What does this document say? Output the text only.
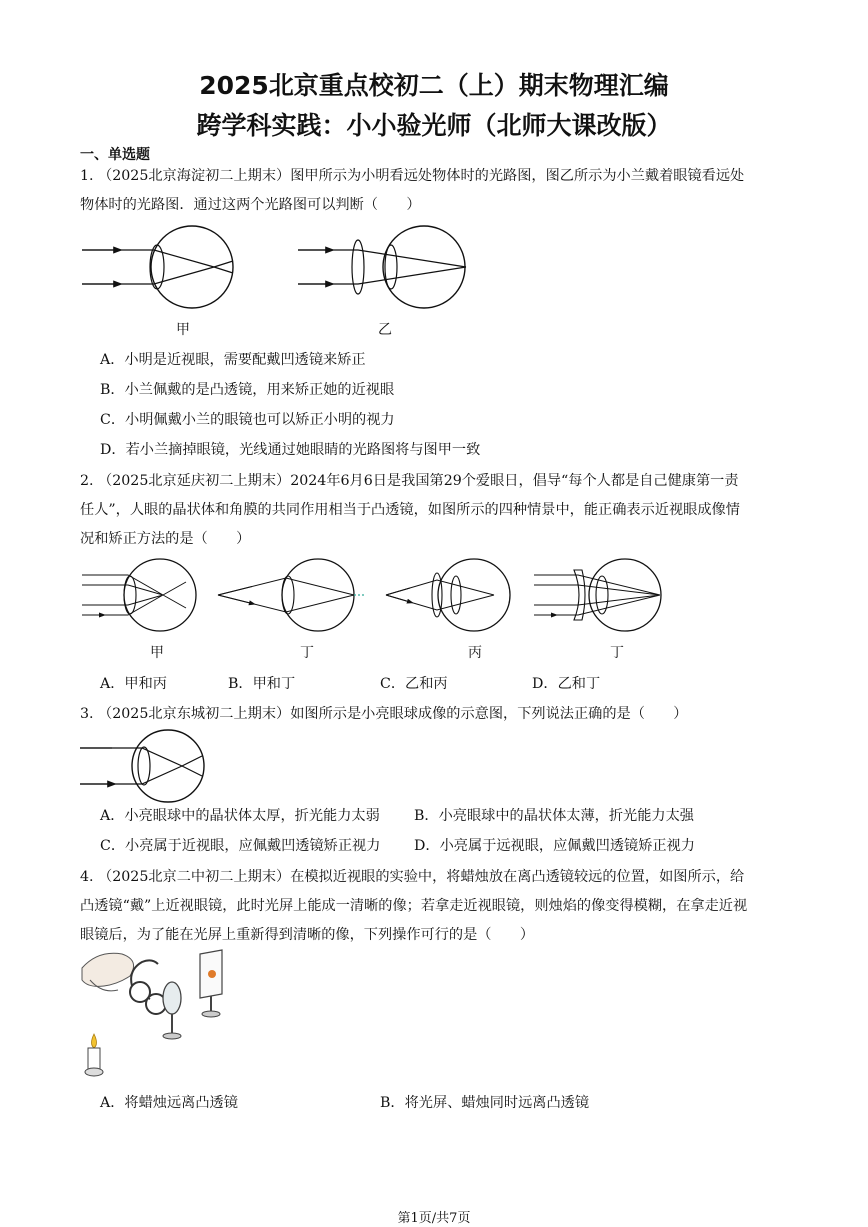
2025北京重点校初二（上）期末物理汇编
跨学科实践：小小验光师（北师大课改版）
一、单选题
1. （2025北京海淀初二上期末）图甲所示为小明看远处物体时的光路图，图乙所示为小兰戴着眼镜看远处
物体时的光路图．通过这两个光路图可以判断（　　）
甲	乙
A．小明是近视眼，需要配戴凹透镜来矫正
B．小兰佩戴的是凸透镜，用来矫正她的近视眼
C．小明佩戴小兰的眼镜也可以矫正小明的视力
D．若小兰摘掉眼镜，光线通过她眼睛的光路图将与图甲一致
2. （2025北京延庆初二上期末）2024年6月6日是我国第29个爱眼日，倡导“每个人都是自己健康第一责
任人”，人眼的晶状体和角膜的共同作用相当于凸透镜，如图所示的四种情景中，能正确表示近视眼成像情
况和矫正方法的是（　　）
甲	丁	丙	丁
A．甲和丙	B．甲和丁	C．乙和丙	D．乙和丁
3. （2025北京东城初二上期末）如图所示是小亮眼球成像的示意图，下列说法正确的是（　　）
A．小亮眼球中的晶状体太厚，折光能力太弱 B．小亮眼球中的晶状体太薄，折光能力太强
C．小亮属于近视眼，应佩戴凹透镜矫正视力 D．小亮属于远视眼，应佩戴凹透镜矫正视力
4. （2025北京二中初二上期末）在模拟近视眼的实验中，将蜡烛放在离凸透镜较远的位置，如图所示，给
凸透镜“戴”上近视眼镜，此时光屏上能成一清晰的像；若拿走近视眼镜，则烛焰的像变得模糊，在拿走近视
眼镜后，为了能在光屏上重新得到清晰的像，下列操作可行的是（　　）
A．将蜡烛远离凸透镜	B．将光屏、蜡烛同时远离凸透镜
第1页/共7页
